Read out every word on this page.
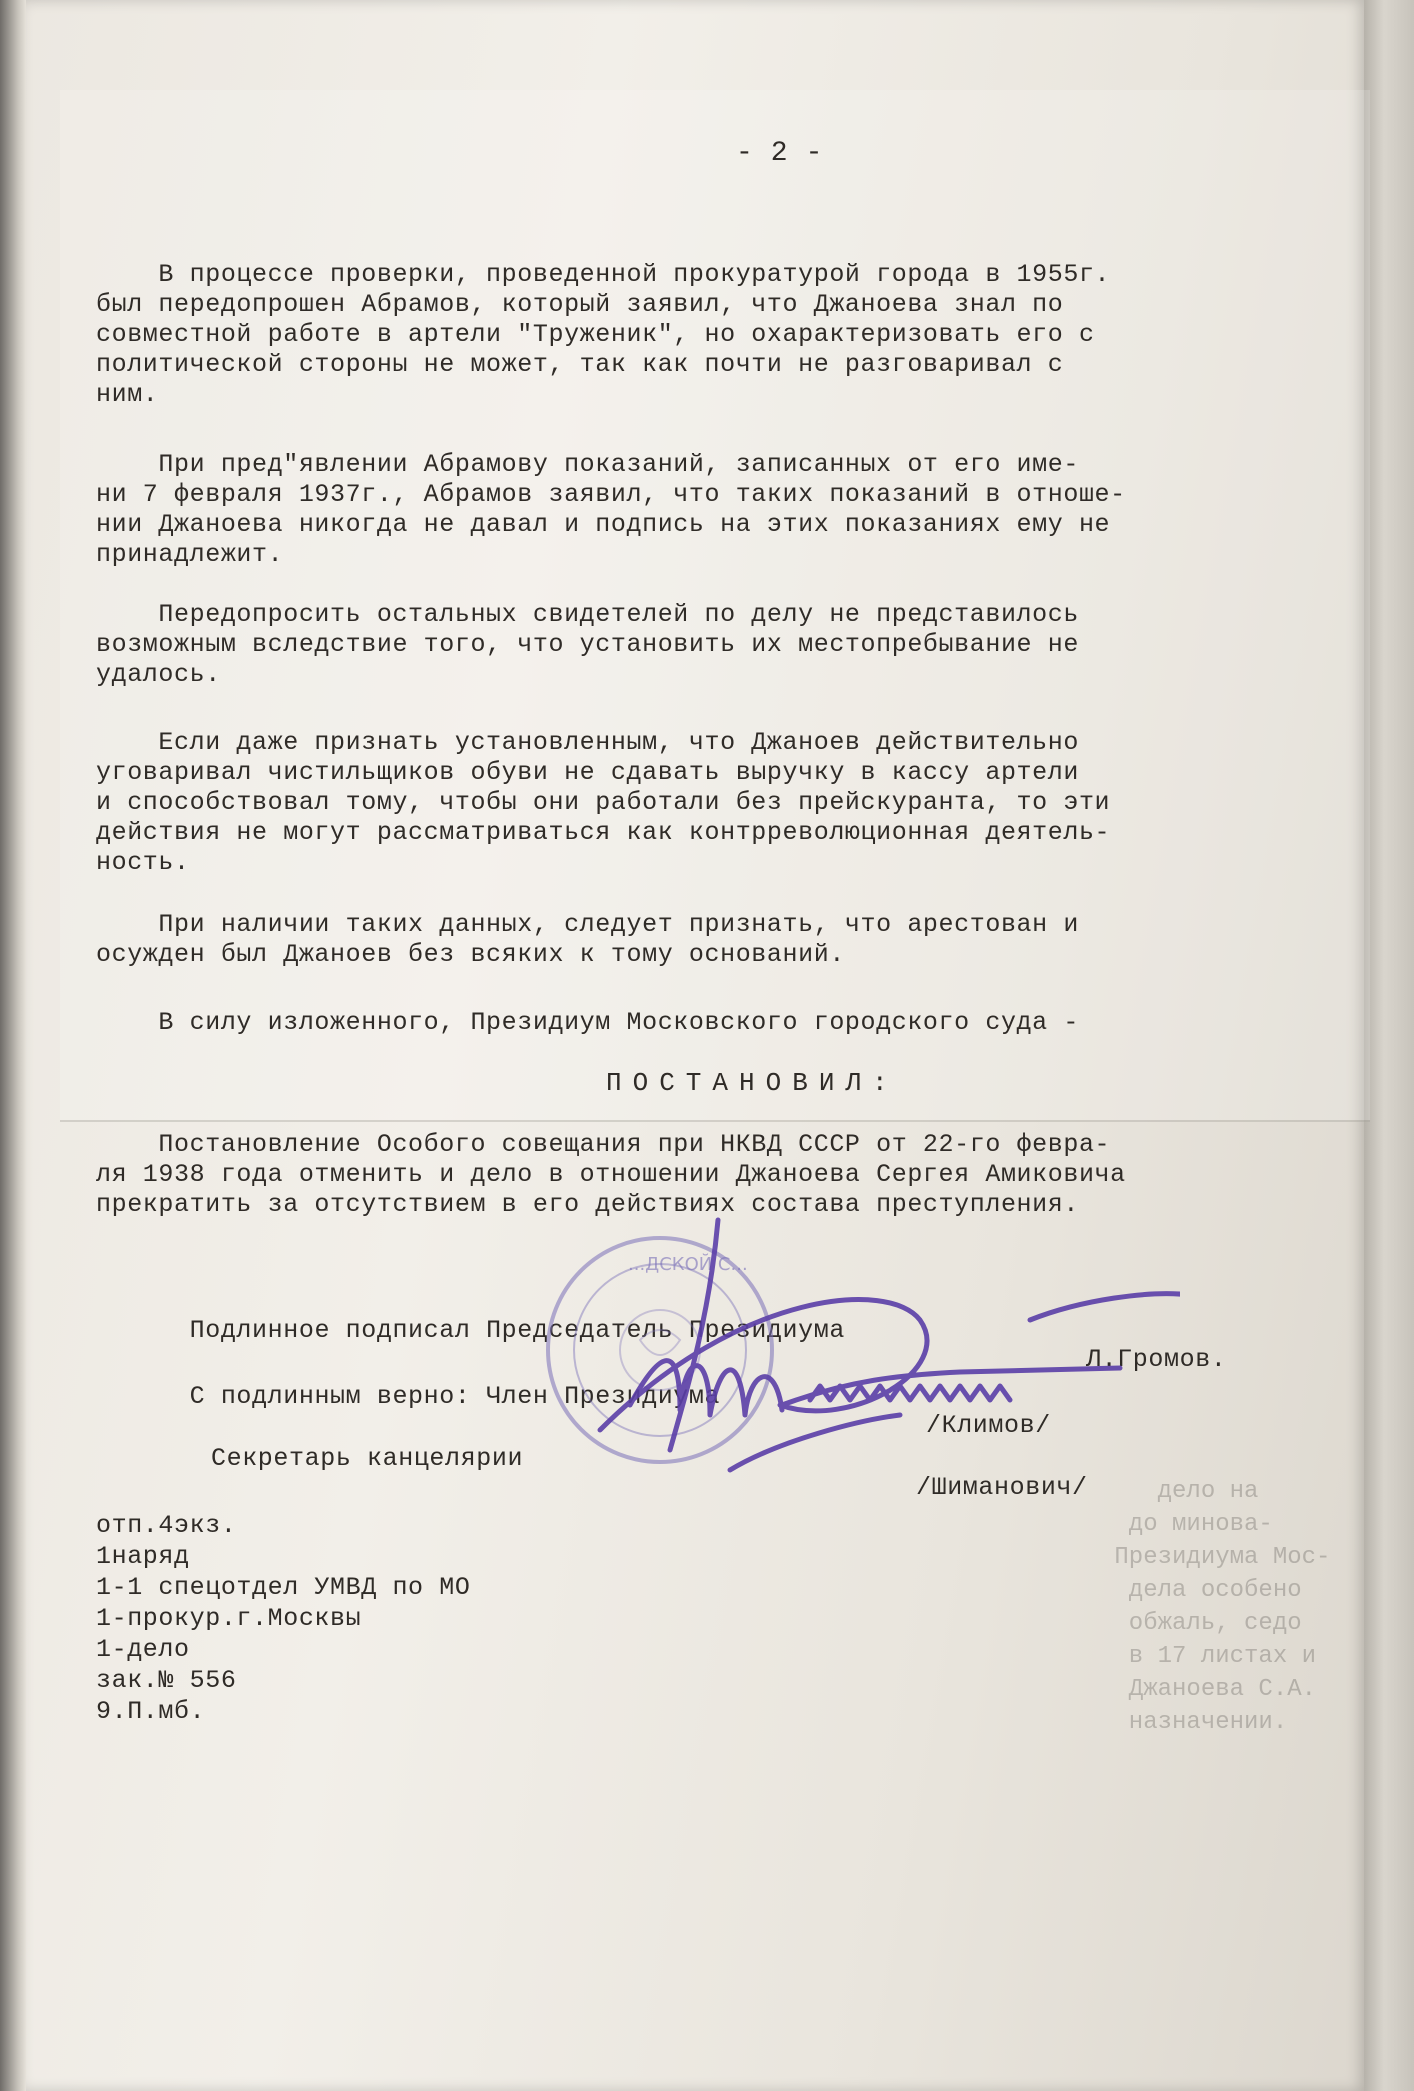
- 2 -

В процессе проверки, проведенной прокуратурой города в 1955г.
был передопрошен Абрамов, который заявил, что Джаноева знал по
совместной работе в артели "Труженик", но охарактеризовать его с
политической стороны не может, так как почти не разговаривал с
ним.

При пред"явлении Абрамову показаний, записанных от его име-
ни 7 февраля 1937г., Абрамов заявил, что таких показаний в отноше-
нии Джаноева никогда не давал и подпись на этих показаниях ему не
принадлежит.

Передопросить остальных свидетелей по делу не представилось
возможным вследствие того, что установить их местопребывание не
удалось.

Если даже признать установленным, что Джаноев действительно
уговаривал чистильщиков обуви не сдавать выручку в кассу артели
и способствовал тому, чтобы они работали без прейскуранта, то эти
действия не могут рассматриваться как контрреволюционная деятель-
ность.

При наличии таких данных, следует признать, что арестован и
осужден был Джаноев без всяких к тому оснований.

В силу изложенного, Президиум Московского городского суда -

ПОСТАНОВИЛ:

Постановление Особого совещания при НКВД СССР от 22-го февра-
ля 1938 года отменить и дело в отношении Джаноева Сергея Амиковича
прекратить за отсутствием в его действиях состава преступления.

Подлинное подписал Председатель Президиума

Л.Громов.

С подлинным верно: Член Президиума

/Климов/

Секретарь канцелярии

/Шиманович/

отп.4экз.
1наряд
1-1 спецотдел УМВД по МО
1-прокур.г.Москвы
1-дело
зак.№ 556
9.П.мб.
дело на
до минова-
Президиума Мос-
дела особено
обжаль, седо
в 17 листах и
Джаноева С.А.
назначении.
...ДСКОЙ С...
